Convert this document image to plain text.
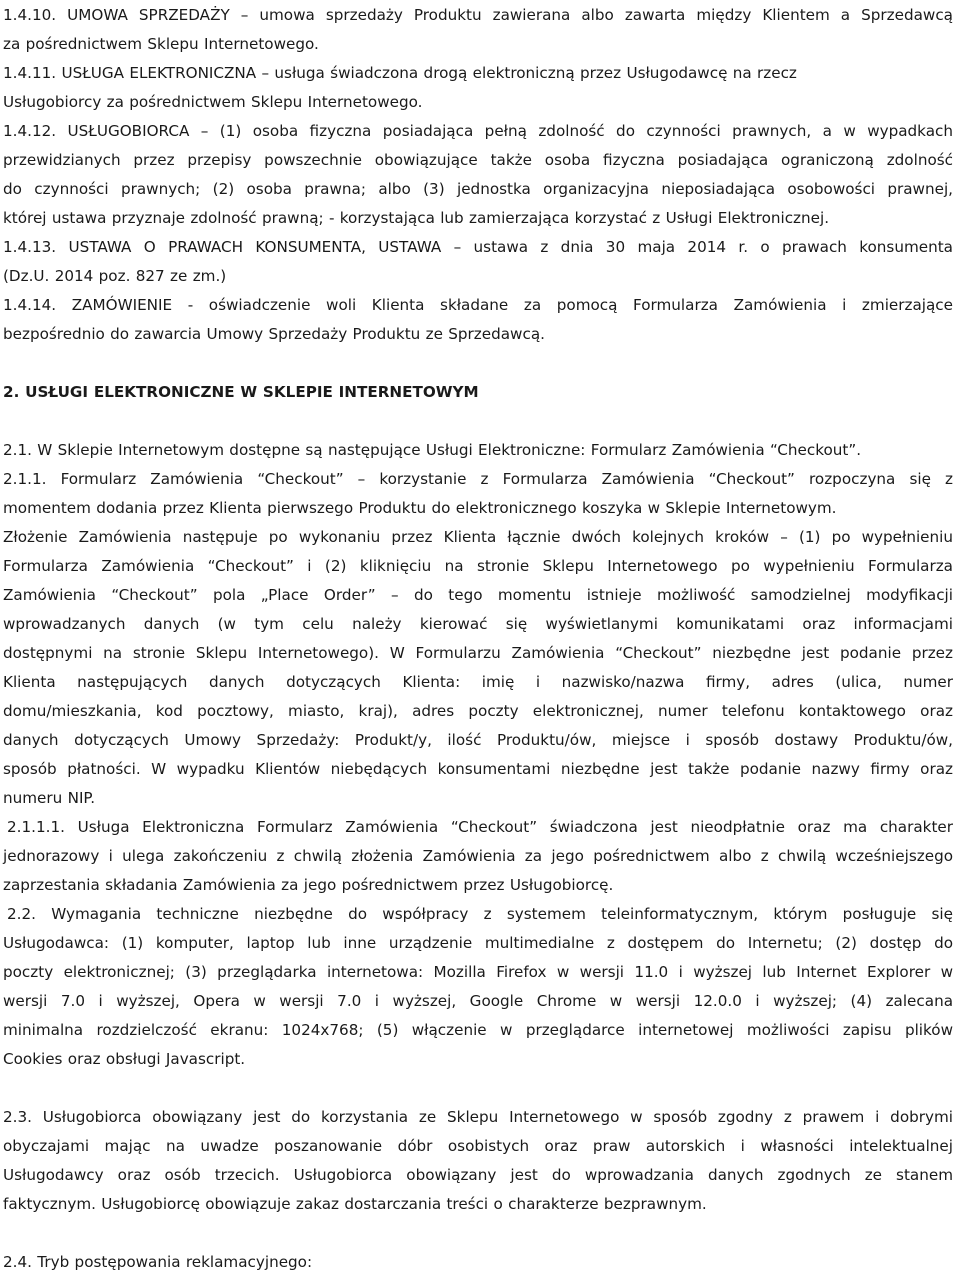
1.4.10. UMOWA SPRZEDAŻY – umowa sprzedaży Produktu zawierana albo zawarta między Klientem a Sprzedawcą
za pośrednictwem Sklepu Internetowego.
1.4.11. USŁUGA ELEKTRONICZNA – usługa świadczona drogą elektroniczną przez Usługodawcę na rzecz
Usługobiorcy za pośrednictwem Sklepu Internetowego.
1.4.12. USŁUGOBIORCA – (1) osoba fizyczna posiadająca pełną zdolność do czynności prawnych, a w wypadkach
przewidzianych przez przepisy powszechnie obowiązujące także osoba fizyczna posiadająca ograniczoną zdolność
do czynności prawnych; (2) osoba prawna; albo (3) jednostka organizacyjna nieposiadająca osobowości prawnej,
której ustawa przyznaje zdolność prawną; - korzystająca lub zamierzająca korzystać z Usługi Elektronicznej.
1.4.13. USTAWA O PRAWACH KONSUMENTA, USTAWA – ustawa z dnia 30 maja 2014 r. o prawach konsumenta
(Dz.U. 2014 poz. 827 ze zm.)
1.4.14. ZAMÓWIENIE - oświadczenie woli Klienta składane za pomocą Formularza Zamówienia i zmierzające
bezpośrednio do zawarcia Umowy Sprzedaży Produktu ze Sprzedawcą.
2. USŁUGI ELEKTRONICZNE W SKLEPIE INTERNETOWYM
2.1. W Sklepie Internetowym dostępne są następujące Usługi Elektroniczne: Formularz Zamówienia “Checkout”.
2.1.1. Formularz Zamówienia “Checkout” – korzystanie z Formularza Zamówienia “Checkout” rozpoczyna się z
momentem dodania przez Klienta pierwszego Produktu do elektronicznego koszyka w Sklepie Internetowym.
Złożenie Zamówienia następuje po wykonaniu przez Klienta łącznie dwóch kolejnych kroków – (1) po wypełnieniu
Formularza Zamówienia “Checkout” i (2) kliknięciu na stronie Sklepu Internetowego po wypełnieniu Formularza
Zamówienia “Checkout” pola „Place Order” – do tego momentu istnieje możliwość samodzielnej modyfikacji
wprowadzanych danych (w tym celu należy kierować się wyświetlanymi komunikatami oraz informacjami
dostępnymi na stronie Sklepu Internetowego). W Formularzu Zamówienia “Checkout” niezbędne jest podanie przez
Klienta następujących danych dotyczących Klienta: imię i nazwisko/nazwa firmy, adres (ulica, numer
domu/mieszkania, kod pocztowy, miasto, kraj), adres poczty elektronicznej, numer telefonu kontaktowego oraz
danych dotyczących Umowy Sprzedaży: Produkt/y, ilość Produktu/ów, miejsce i sposób dostawy Produktu/ów,
sposób płatności. W wypadku Klientów niebędących konsumentami niezbędne jest także podanie nazwy firmy oraz
numeru NIP.
2.1.1.1. Usługa Elektroniczna Formularz Zamówienia “Checkout” świadczona jest nieodpłatnie oraz ma charakter
jednorazowy i ulega zakończeniu z chwilą złożenia Zamówienia za jego pośrednictwem albo z chwilą wcześniejszego
zaprzestania składania Zamówienia za jego pośrednictwem przez Usługobiorcę.
2.2. Wymagania techniczne niezbędne do współpracy z systemem teleinformatycznym, którym posługuje się
Usługodawca: (1) komputer, laptop lub inne urządzenie multimedialne z dostępem do Internetu; (2) dostęp do
poczty elektronicznej; (3) przeglądarka internetowa: Mozilla Firefox w wersji 11.0 i wyższej lub Internet Explorer w
wersji 7.0 i wyższej, Opera w wersji 7.0 i wyższej, Google Chrome w wersji 12.0.0 i wyższej; (4) zalecana
minimalna rozdzielczość ekranu: 1024x768; (5) włączenie w przeglądarce internetowej możliwości zapisu plików
Cookies oraz obsługi Javascript.
2.3. Usługobiorca obowiązany jest do korzystania ze Sklepu Internetowego w sposób zgodny z prawem i dobrymi
obyczajami mając na uwadze poszanowanie dóbr osobistych oraz praw autorskich i własności intelektualnej
Usługodawcy oraz osób trzecich. Usługobiorca obowiązany jest do wprowadzania danych zgodnych ze stanem
faktycznym. Usługobiorcę obowiązuje zakaz dostarczania treści o charakterze bezprawnym.
2.4. Tryb postępowania reklamacyjnego:
